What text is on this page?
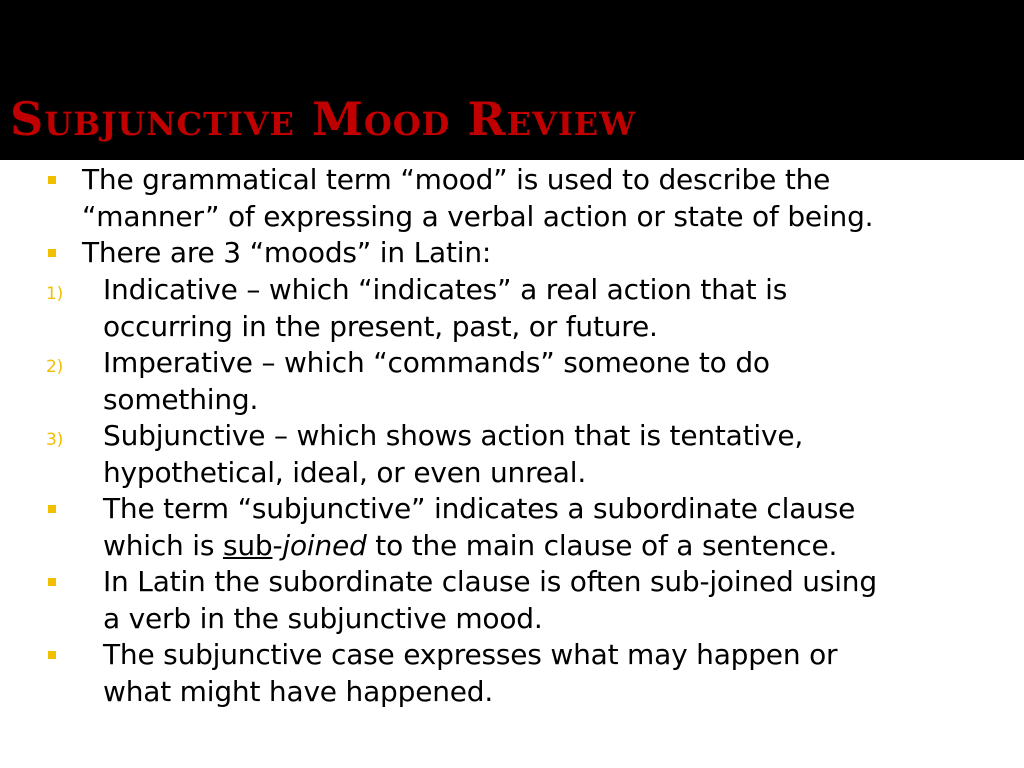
Subjunctive Mood Review
The grammatical term “mood” is used to describe the
“manner” of expressing a verbal action or state of being.
There are 3 “moods” in Latin:
1) Indicative – which “indicates” a real action that is
occurring in the present, past, or future.
2) Imperative – which “commands” someone to do
something.
3) Subjunctive – which shows action that is tentative,
hypothetical, ideal, or even unreal.
The term “subjunctive” indicates a subordinate clause
which is sub-joined to the main clause of a sentence.
In Latin the subordinate clause is often sub-joined using
a verb in the subjunctive mood.
The subjunctive case expresses what may happen or
what might have happened.
